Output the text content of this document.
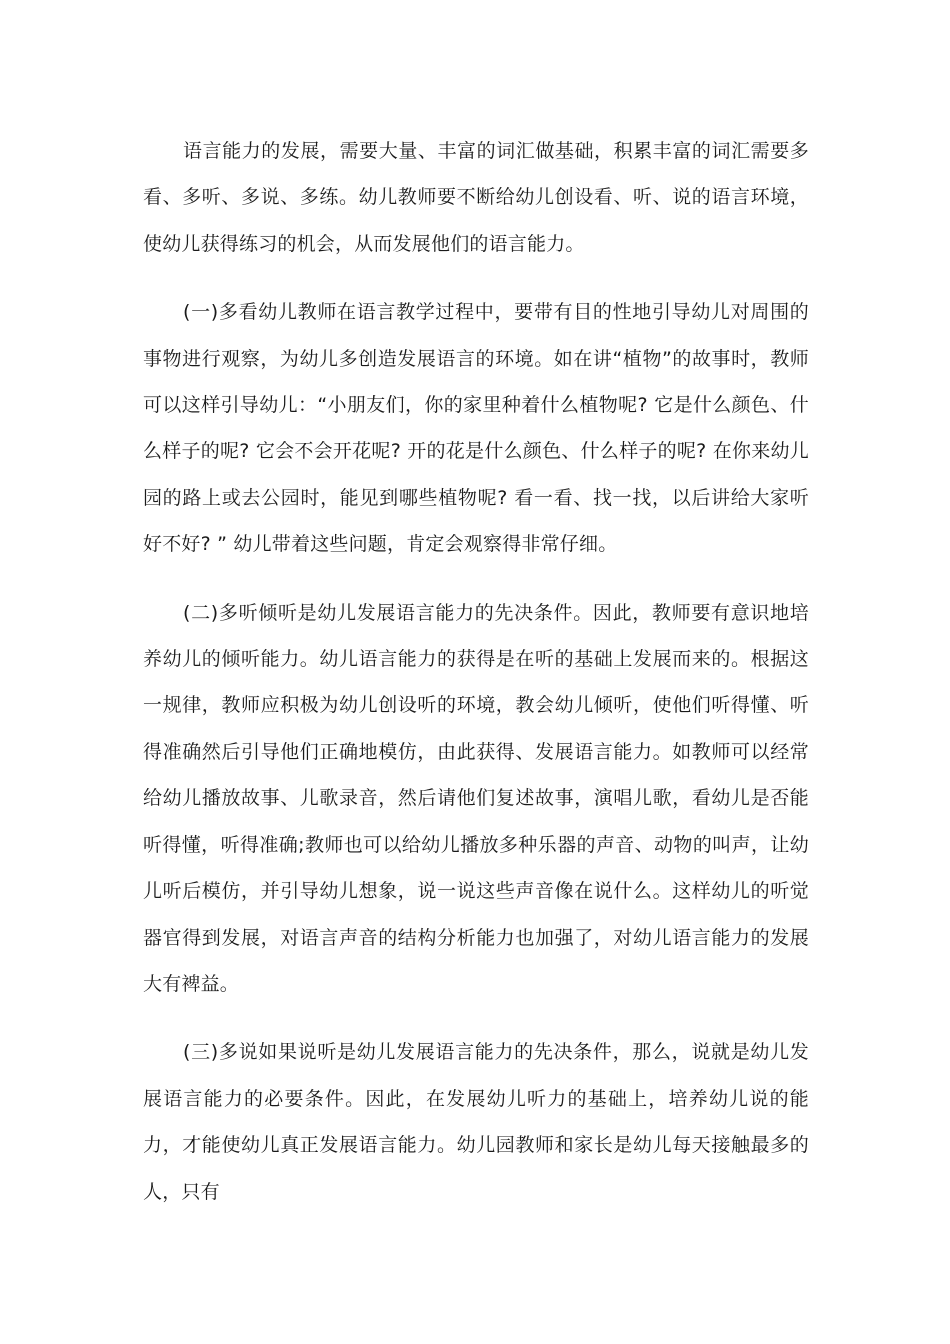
语言能力的发展，需要大量、丰富的词汇做基础，积累丰富的词汇需要多看、多听、多说、多练。幼儿教师要不断给幼儿创设看、听、说的语言环境，使幼儿获得练习的机会，从而发展他们的语言能力。

(一)多看幼儿教师在语言教学过程中，要带有目的性地引导幼儿对周围的事物进行观察，为幼儿多创造发展语言的环境。如在讲“植物”的故事时，教师可以这样引导幼儿：“小朋友们，你的家里种着什么植物呢? 它是什么颜色、什么样子的呢? 它会不会开花呢? 开的花是什么颜色、什么样子的呢? 在你来幼儿园的路上或去公园时，能见到哪些植物呢? 看一看、找一找，以后讲给大家听好不好? ” 幼儿带着这些问题，肯定会观察得非常仔细。

(二)多听倾听是幼儿发展语言能力的先决条件。因此，教师要有意识地培养幼儿的倾听能力。幼儿语言能力的获得是在听的基础上发展而来的。根据这一规律，教师应积极为幼儿创设听的环境，教会幼儿倾听，使他们听得懂、听得准确然后引导他们正确地模仿，由此获得、发展语言能力。如教师可以经常给幼儿播放故事、儿歌录音，然后请他们复述故事，演唱儿歌，看幼儿是否能听得懂，听得准确;教师也可以给幼儿播放多种乐器的声音、动物的叫声，让幼儿听后模仿，并引导幼儿想象，说一说这些声音像在说什么。这样幼儿的听觉器官得到发展，对语言声音的结构分析能力也加强了，对幼儿语言能力的发展大有裨益。

(三)多说如果说听是幼儿发展语言能力的先决条件，那么，说就是幼儿发展语言能力的必要条件。因此，在发展幼儿听力的基础上，培养幼儿说的能力，才能使幼儿真正发展语言能力。幼儿园教师和家长是幼儿每天接触最多的人，只有
